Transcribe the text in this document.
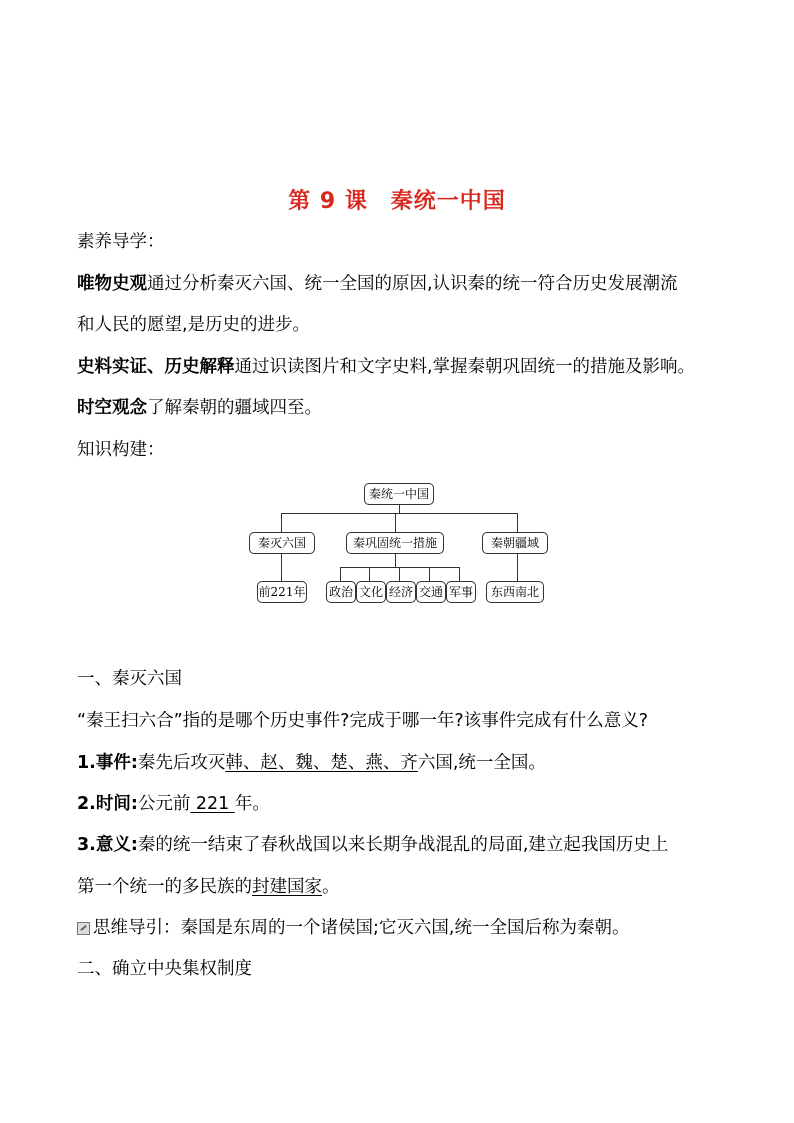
第 9 课　秦统一中国
素养导学：
唯物史观通过分析秦灭六国、统一全国的原因,认识秦的统一符合历史发展潮流
和人民的愿望,是历史的进步。
史料实证、历史解释通过识读图片和文字史料,掌握秦朝巩固统一的措施及影响。
时空观念了解秦朝的疆域四至。
知识构建：
秦统一中国
秦灭六国	秦巩固统一措施	秦朝疆域
前221年 政治 文化 经济 交通 军事	东西南北
一、秦灭六国
“秦王扫六合”指的是哪个历史事件?完成于哪一年?该事件完成有什么意义?
1.事件:秦先后攻灭韩、赵、魏、楚、燕、齐六国,统一全国。
2.时间:公元前 221 年。
3.意义:秦的统一结束了春秋战国以来长期争战混乱的局面,建立起我国历史上
第一个统一的多民族的封建国家。
思维导引：秦国是东周的一个诸侯国;它灭六国,统一全国后称为秦朝。
二、确立中央集权制度
